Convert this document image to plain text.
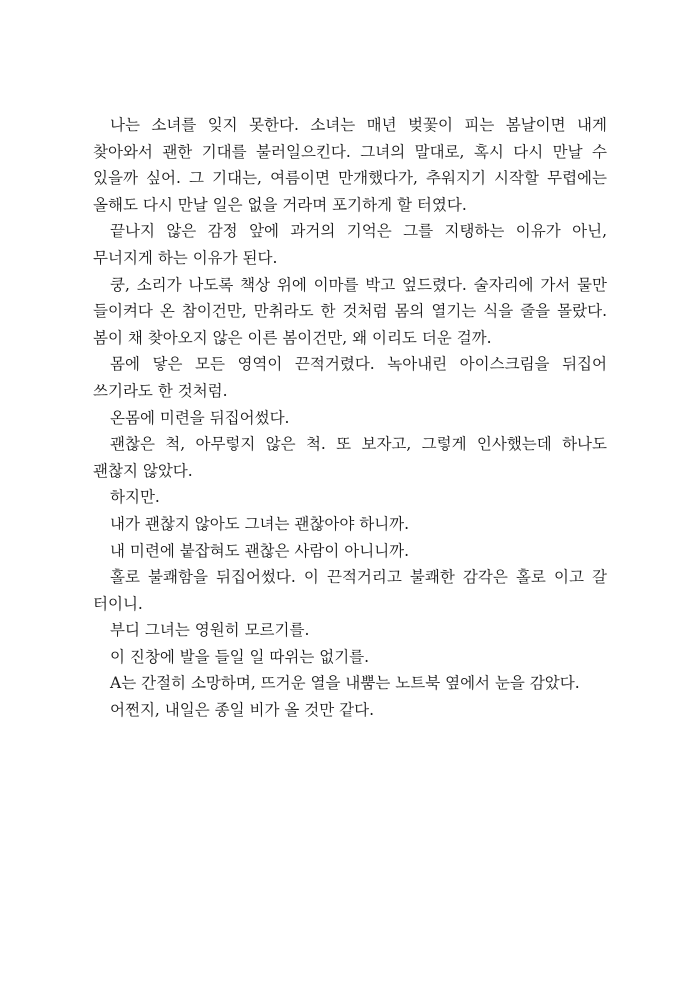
나는 소녀를 잊지 못한다. 소녀는 매년 벚꽃이 피는 봄날이면 내게 찾아와서 괜한 기대를 불러일으킨다. 그녀의 말대로, 혹시 다시 만날 수 있을까 싶어. 그 기대는, 여름이면 만개했다가, 추워지기 시작할 무렵에는 올해도 다시 만날 일은 없을 거라며 포기하게 할 터였다.

끝나지 않은 감정 앞에 과거의 기억은 그를 지탱하는 이유가 아닌, 무너지게 하는 이유가 된다.

쿵, 소리가 나도록 책상 위에 이마를 박고 엎드렸다. 술자리에 가서 물만 들이켜다 온 참이건만, 만취라도 한 것처럼 몸의 열기는 식을 줄을 몰랐다. 봄이 채 찾아오지 않은 이른 봄이건만, 왜 이리도 더운 걸까.

몸에 닿은 모든 영역이 끈적거렸다. 녹아내린 아이스크림을 뒤집어 쓰기라도 한 것처럼.

온몸에 미련을 뒤집어썼다.

괜찮은 척, 아무렇지 않은 척. 또 보자고, 그렇게 인사했는데 하나도 괜찮지 않았다.

하지만.

내가 괜찮지 않아도 그녀는 괜찮아야 하니까.

내 미련에 붙잡혀도 괜찮은 사람이 아니니까.

홀로 불쾌함을 뒤집어썼다. 이 끈적거리고 불쾌한 감각은 홀로 이고 갈 터이니.

부디 그녀는 영원히 모르기를.

이 진창에 발을 들일 일 따위는 없기를.

A는 간절히 소망하며, 뜨거운 열을 내뿜는 노트북 옆에서 눈을 감았다.

어쩐지, 내일은 종일 비가 올 것만 같다.
